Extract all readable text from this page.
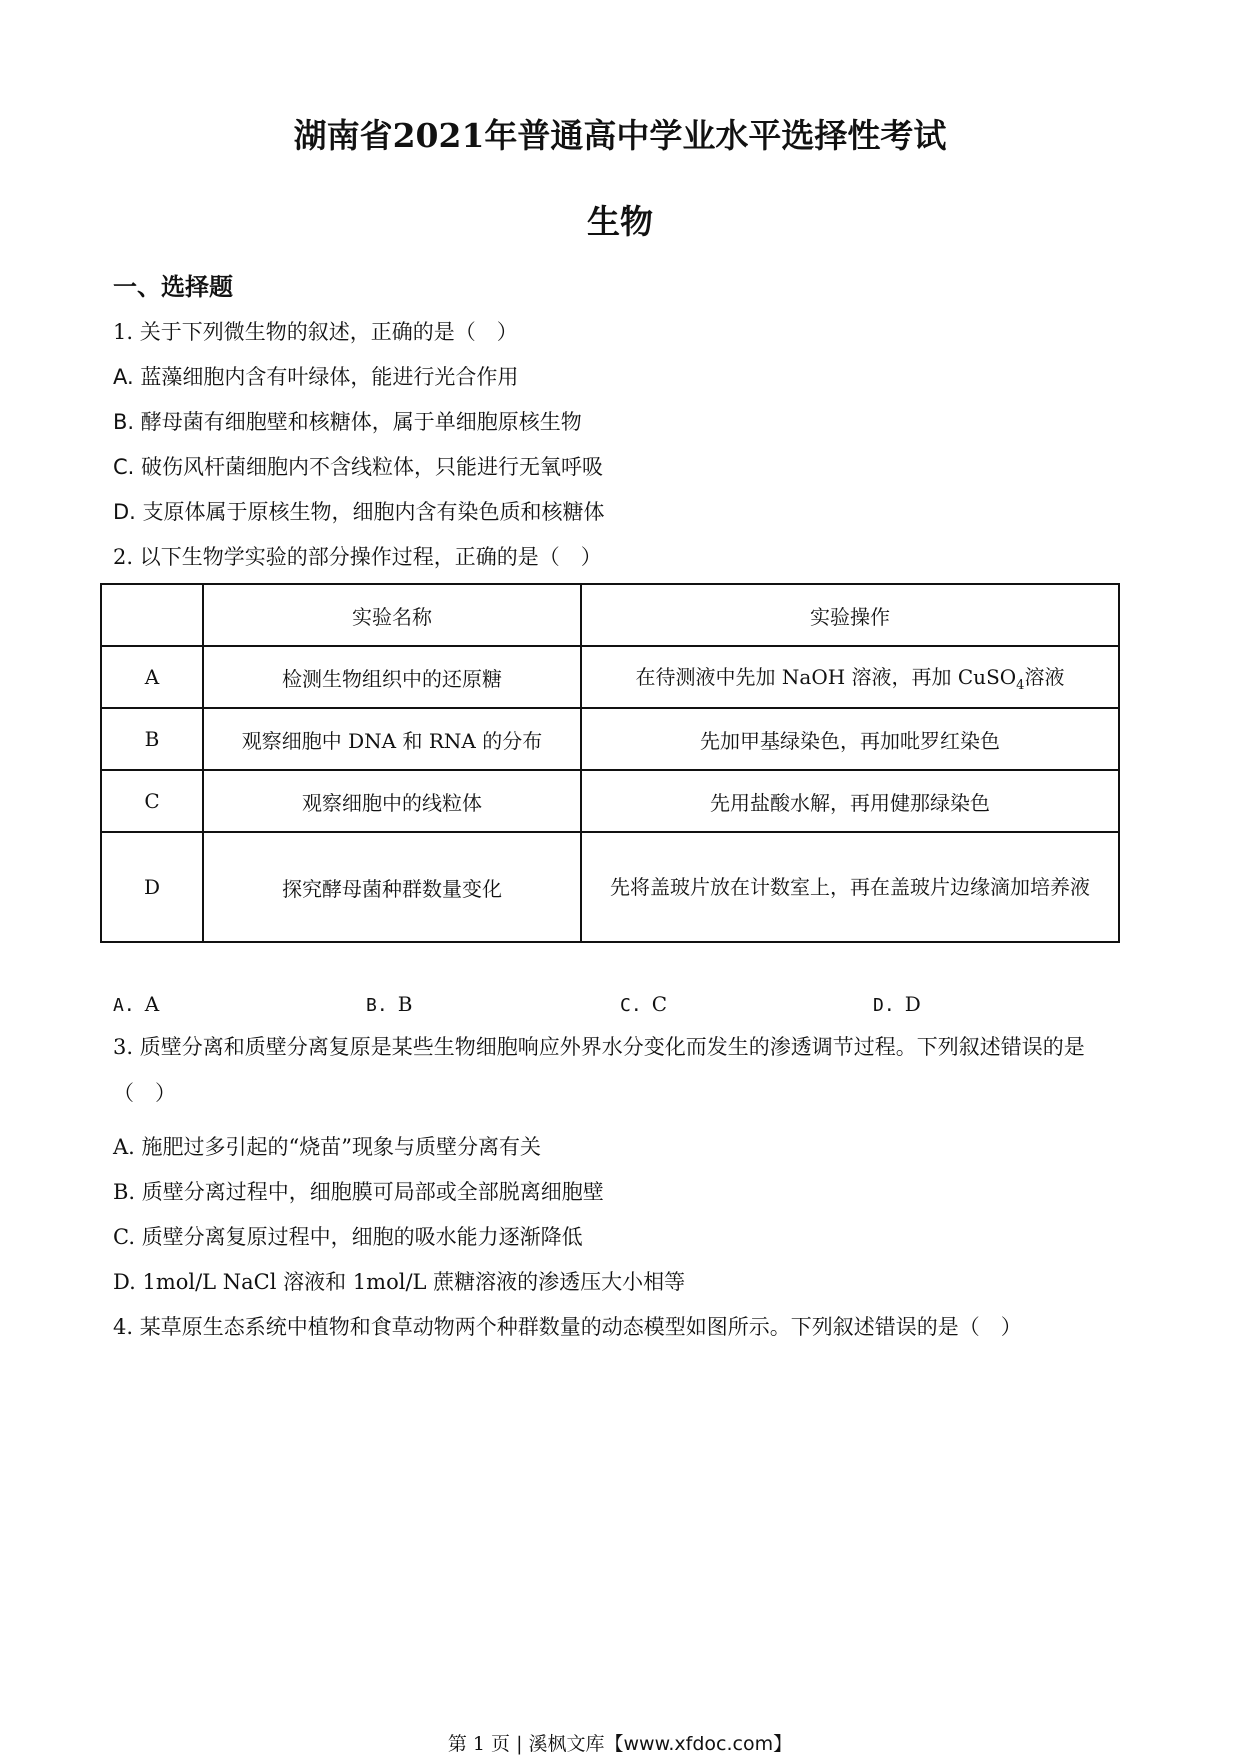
湖南省2021年普通高中学业水平选择性考试
生物
一、选择题
1. 关于下列微生物的叙述，正确的是（　）
A. 蓝藻细胞内含有叶绿体，能进行光合作用
B. 酵母菌有细胞壁和核糖体，属于单细胞原核生物
C. 破伤风杆菌细胞内不含线粒体，只能进行无氧呼吸
D. 支原体属于原核生物，细胞内含有染色质和核糖体
2. 以下生物学实验的部分操作过程，正确的是（　）
	实验名称	实验操作
A	检测生物组织中的还原糖	在待测液中先加 NaOH 溶液，再加 CuSO$_4$溶液
B	观察细胞中 DNA 和 RNA 的分布	先加甲基绿染色，再加吡罗红染色
C	观察细胞中的线粒体	先用盐酸水解，再用健那绿染色
D	探究酵母菌种群数量变化	先将盖玻片放在计数室上，再在盖玻片边缘滴加培养液
A. A	B. B	C. C	D. D
3. 质壁分离和质壁分离复原是某些生物细胞响应外界水分变化而发生的渗透调节过程。下列叙述错误的是（　）
A. 施肥过多引起的“烧苗”现象与质壁分离有关
B. 质壁分离过程中，细胞膜可局部或全部脱离细胞壁
C. 质壁分离复原过程中，细胞的吸水能力逐渐降低
D. 1mol/L NaCl 溶液和 1mol/L 蔗糖溶液的渗透压大小相等
4. 某草原生态系统中植物和食草动物两个种群数量的动态模型如图所示。下列叙述错误的是（　）
第 1 页 | 溪枫文库【www.xfdoc.com】
